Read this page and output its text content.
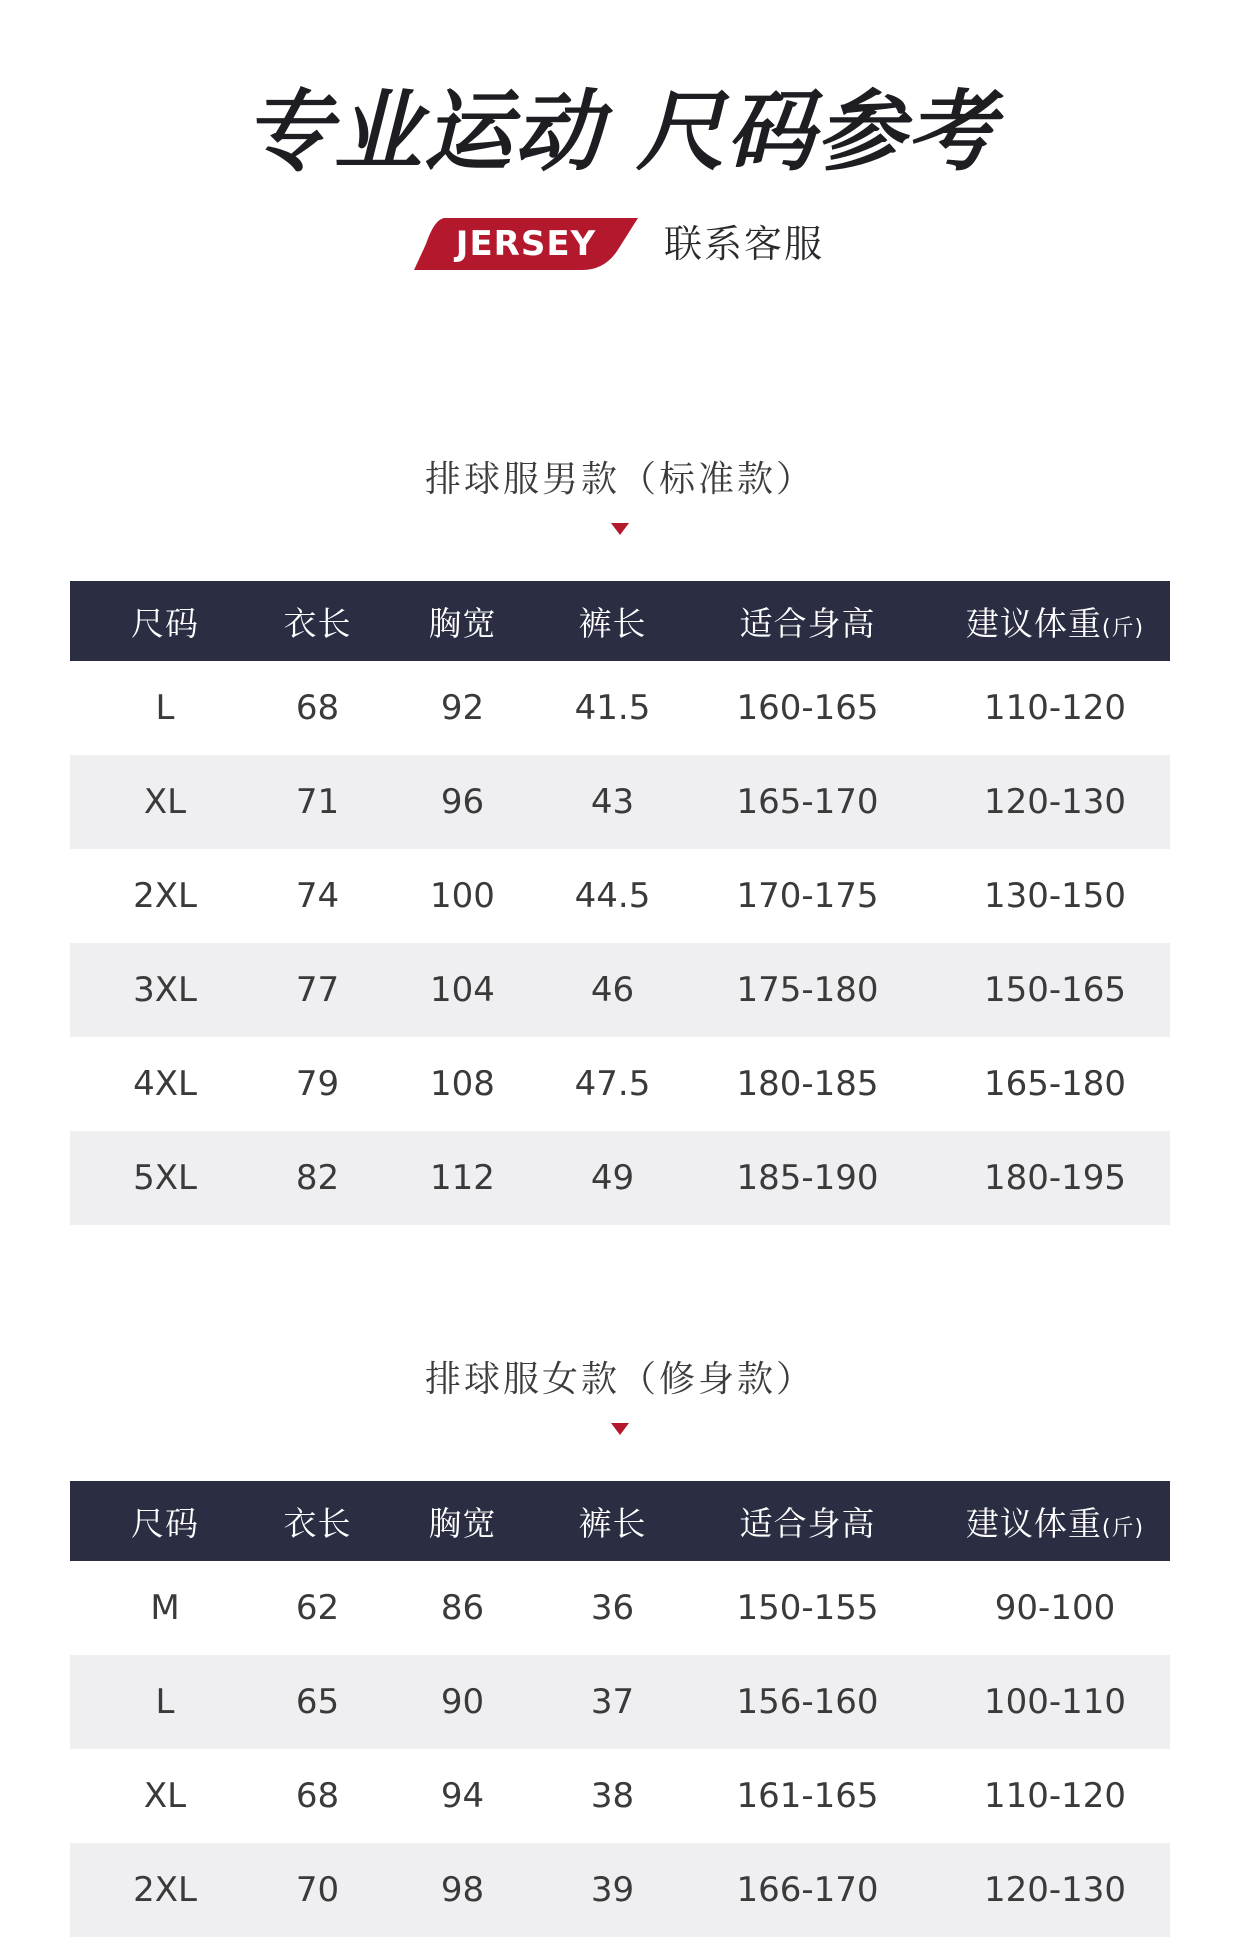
专业运动 尺码参考
JERSEY	联系客服
排球服男款（标准款）
尺码	衣长	胸宽	裤长	适合身高	建议体重(斤)
L	68	92	41.5	160-165	110-120
XL	71	96	43	165-170	120-130
2XL	74	100	44.5	170-175	130-150
3XL	77	104	46	175-180	150-165
4XL	79	108	47.5	180-185	165-180
5XL	82	112	49	185-190	180-195
排球服女款（修身款）
尺码	衣长	胸宽	裤长	适合身高	建议体重(斤)
M	62	86	36	150-155	90-100
L	65	90	37	156-160	100-110
XL	68	94	38	161-165	110-120
2XL	70	98	39	166-170	120-130
